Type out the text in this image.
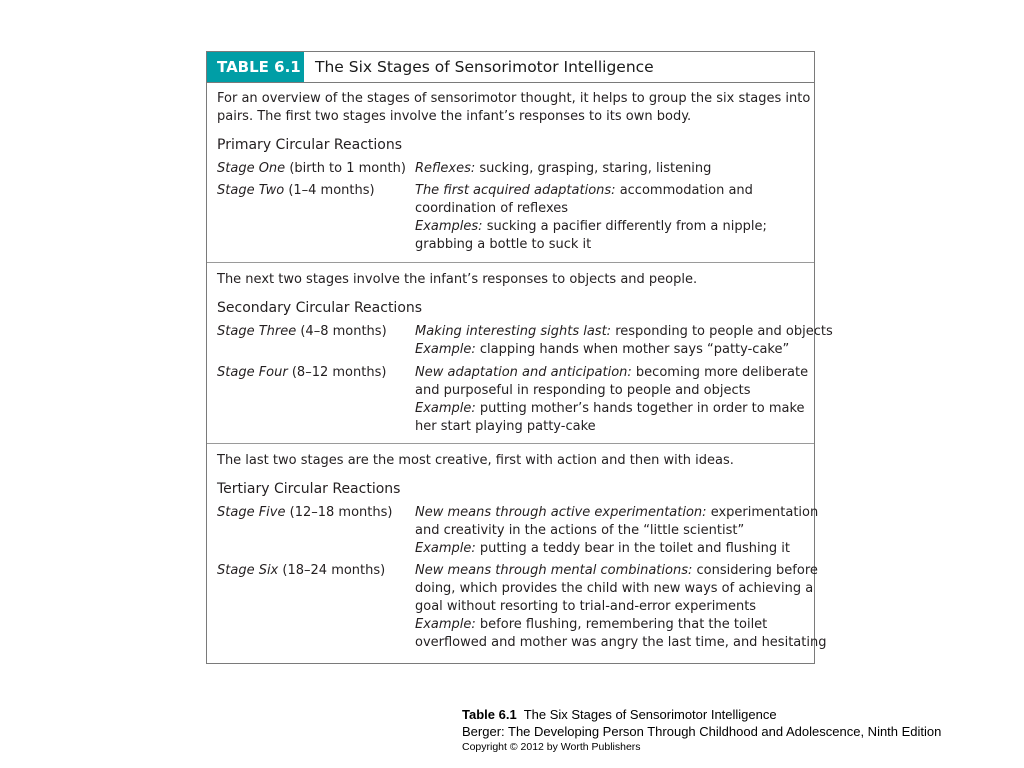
TABLE 6.1 The Six Stages of Sensorimotor Intelligence
For an overview of the stages of sensorimotor thought, it helps to group the six stages into
pairs. The first two stages involve the infant’s responses to its own body.
Primary Circular Reactions
Stage One (birth to 1 month) Reflexes: sucking, grasping, staring, listening
Stage Two (1–4 months)	The first acquired adaptations: accommodation and
coordination of reflexes
Examples: sucking a pacifier differently from a nipple;
grabbing a bottle to suck it
The next two stages involve the infant’s responses to objects and people.
Secondary Circular Reactions
Stage Three (4–8 months) Making interesting sights last: responding to people and objects
Example: clapping hands when mother says “patty-cake”
Stage Four (8–12 months) New adaptation and anticipation: becoming more deliberate
and purposeful in responding to people and objects
Example: putting mother’s hands together in order to make
her start playing patty-cake
The last two stages are the most creative, first with action and then with ideas.
Tertiary Circular Reactions
Stage Five (12–18 months) New means through active experimentation: experimentation
and creativity in the actions of the “little scientist”
Example: putting a teddy bear in the toilet and flushing it
Stage Six (18–24 months) New means through mental combinations: considering before
doing, which provides the child with new ways of achieving a
goal without resorting to trial-and-error experiments
Example: before flushing, remembering that the toilet
overflowed and mother was angry the last time, and hesitating
Table 6.1 The Six Stages of Sensorimotor Intelligence
Berger: The Developing Person Through Childhood and Adolescence, Ninth Edition
Copyright © 2012 by Worth Publishers
